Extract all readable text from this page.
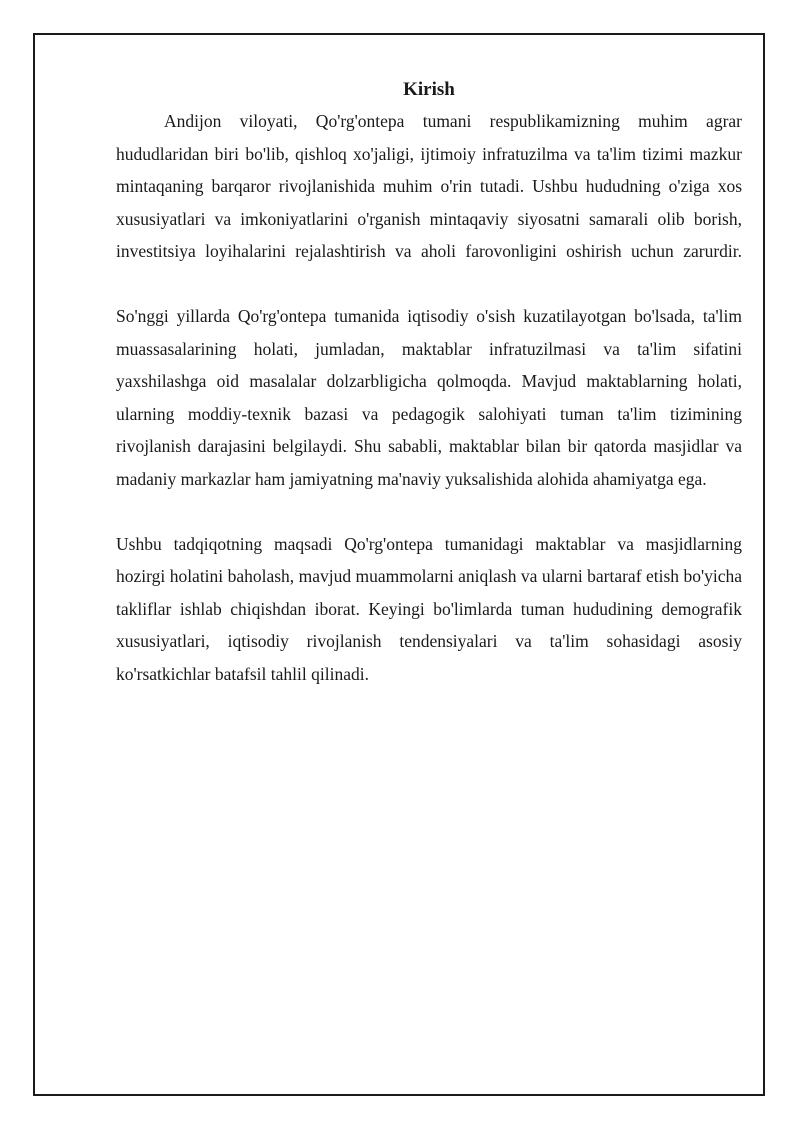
Kirish

Andijon viloyati, Qo'rg'ontepa tumani respublikamizning muhim agrar hududlaridan biri bo'lib, qishloq xo'jaligi, ijtimoiy infratuzilma va ta'lim tizimi mazkur mintaqaning barqaror rivojlanishida muhim o'rin tutadi. Ushbu hududning o'ziga xos xususiyatlari va imkoniyatlarini o'rganish mintaqaviy siyosatni samarali olib borish, investitsiya loyihalarini rejalashtirish va aholi farovonligini oshirish uchun zarurdir.

So'nggi yillarda Qo'rg'ontepa tumanida iqtisodiy o'sish kuzatilayotgan bo'lsada, ta'lim muassasalarining holati, jumladan, maktablar infratuzilmasi va ta'lim sifatini yaxshilashga oid masalalar dolzarbligicha qolmoqda. Mavjud maktablarning holati, ularning moddiy-texnik bazasi va pedagogik salohiyati tuman ta'lim tizimining rivojlanish darajasini belgilaydi. Shu sababli, maktablar bilan bir qatorda masjidlar va madaniy markazlar ham jamiyatning ma'naviy yuksalishida alohida ahamiyatga ega.

Ushbu tadqiqotning maqsadi Qo'rg'ontepa tumanidagi maktablar va masjidlarning hozirgi holatini baholash, mavjud muammolarni aniqlash va ularni bartaraf etish bo'yicha takliflar ishlab chiqishdan iborat. Keyingi bo'limlarda tuman hududining demografik xususiyatlari, iqtisodiy rivojlanish tendensiyalari va ta'lim sohasidagi asosiy ko'rsatkichlar batafsil tahlil qilinadi.
